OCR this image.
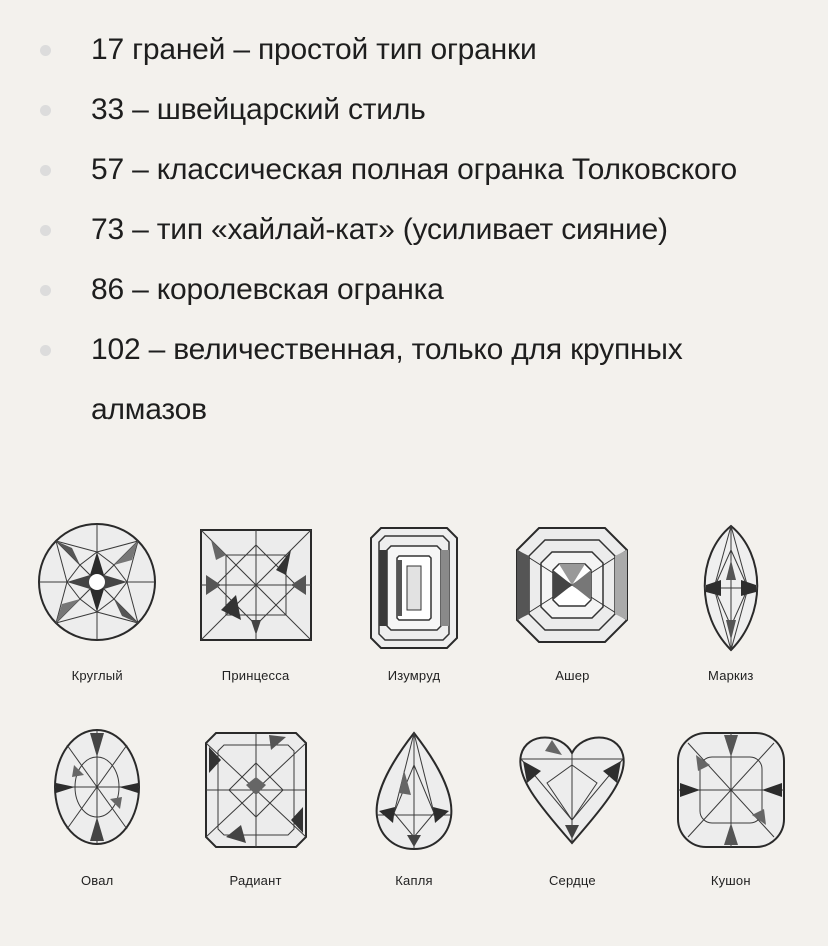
17 граней – простой тип огранки
33 – швейцарский стиль
57 – классическая полная огранка Толковского
73 – тип «хайлай-кат» (усиливает сияние)
86 – королевская огранка
102 – величественная, только для крупных алмазов
Круглый	Принцесса	Изумруд	Ашер	Маркиз
Овал	Радиант	Капля	Сердце	Кушон
